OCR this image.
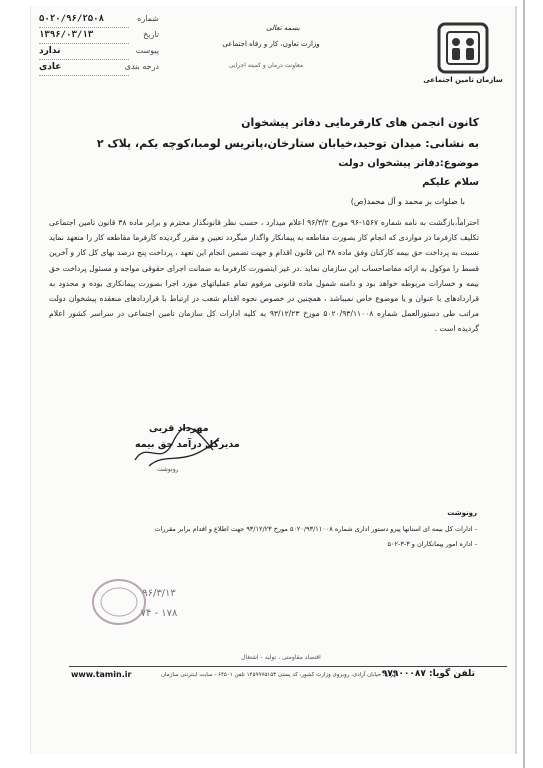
شماره
۵۰۲۰/۹۶/۲۵۰۸
تاریخ
۱۳۹۶/۰۳/۱۳
پیوست
ندارد
درجه بندی
عادی
بسمه تعالی
وزارت تعاون، کار و رفاه اجتماعی
معاونت درمان و کمیته اجرایی
سازمان تامین اجتماعی
کانون انجمن های کارفرمایی دفاتر پیشخوان
به نشانی: میدان توحید،خیابان ستارخان،پاتریس لومبا،کوچه یکم، پلاک ۲
موضوع:دفاتر پیشخوان دولت
سلام علیکم
با صلوات بر محمد و آل محمد(ص)
احتراماً،بازگشت به نامه شماره ۱۵۶۷-۹۶ مورخ ۹۶/۳/۲ اعلام میدارد ، حسب نظر قانونگذار محترم و برابر ماده ۳۸ قانون تامین اجتماعی تکلیف کارفرما در مواردی که انجام کار بصورت مقاطعه به پیمانکار واگذار میگردد تعیین و مقرر گردیده کارفرما مقاطعه کار را متعهد نماید نسبت به پرداخت حق بیمه کارکنان وفق ماده ۳۸ این قانون اقدام و جهت تضمین انجام این تعهد ، پرداخت پنج درصد بهای کل کار و آخرین قسط را موکول به ارائه مفاصاحساب این سازمان نماید .در غیر اینصورت کارفرما به ضمانت اجرای حقوقی مواجه و مسئول پرداخت حق بیمه و خسارات مربوطه خواهد بود و دامنه شمول ماده قانونی مرقوم تمام عملیاتهای مورد اجرا بصورت پیمانکاری بوده و محدود به قراردادهای با عنوان و یا موضوع خاص نمیباشد ، همچنین در خصوص نحوه اقدام شعب در ارتباط با قراردادهای منعقده پیشخوان دولت مراتب طی دستورالعمل شماره ۵۰۲۰/۹۳/۱۱۰۰۸ مورخ ۹۳/۱۲/۲۳ به کلیه ادارات کل سازمان تامین اجتماعی در سراسر کشور اعلام گردیده است .
مهرداد قربی
مدیرکل درآمد حق بیمه
رونوشت
رونوشت
- ادارات کل بیمه ای استانها پیرو دستور اداری شماره ۵۰۲۰/۹۳/۱۱۰۰۸ مورخ ۹۳/۱۲/۲۳ جهت اطلاع و اقدام برابر مقررات
- اداره امور پیمانکاران و ۳-۳-۵۰۲
۹۶/۳/۱۳
۷۴ - ۱۷۸
اقتصاد مقاومتی ، تولید - اشتغال
www.tamin.ir	تهران، خیابان آزادی، روبروی وزارت کشور، کد پستی ۱۴۵۹۹۷۵۱۵۳ تلفن ۶۴۵۰۱ - سایت اینترنتی سازمان
تلفن گویا: ۹۷۹۰۰۰۸۷
